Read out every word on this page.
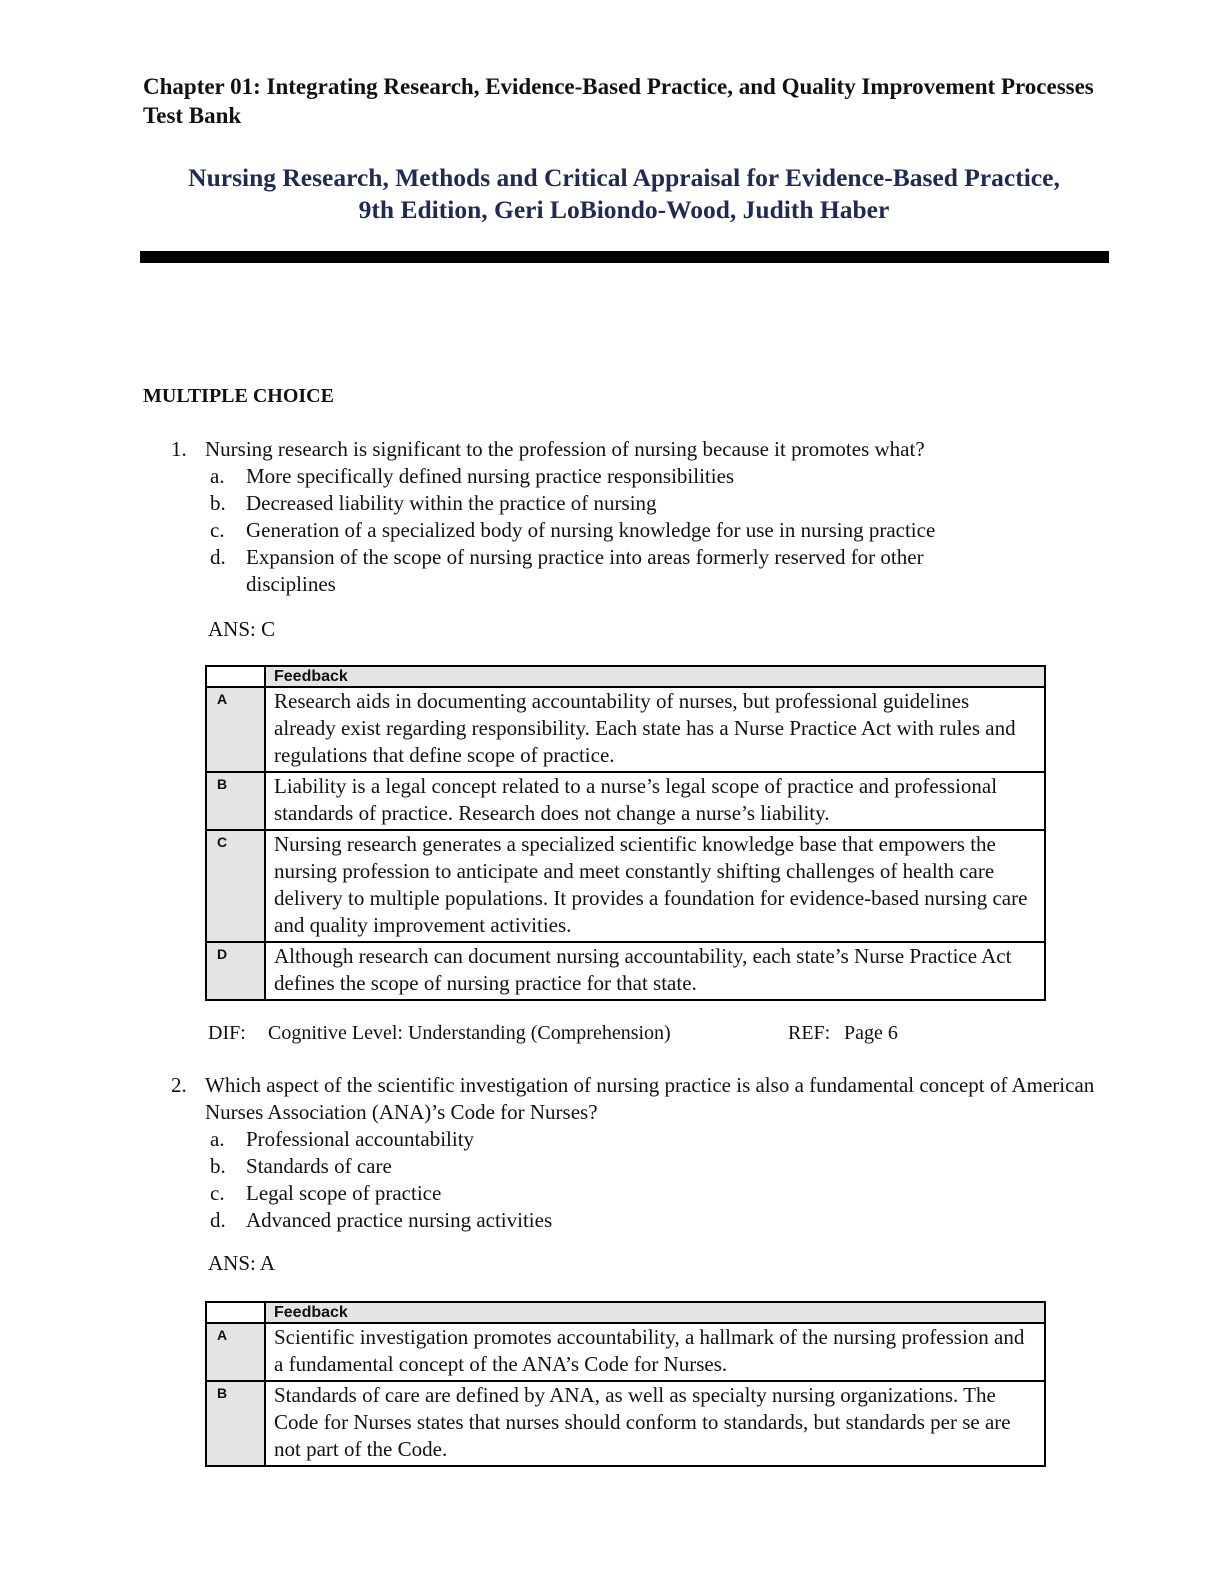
Chapter 01: Integrating Research, Evidence-Based Practice, and Quality Improvement Processes
Test Bank
Nursing Research, Methods and Critical Appraisal for Evidence-Based Practice,
9th Edition, Geri LoBiondo-Wood, Judith Haber
MULTIPLE CHOICE
1. Nursing research is significant to the profession of nursing because it promotes what?
a. More specifically defined nursing practice responsibilities
b. Decreased liability within the practice of nursing
c. Generation of a specialized body of nursing knowledge for use in nursing practice
d. Expansion of the scope of nursing practice into areas formerly reserved for other disciplines
ANS: C
	Feedback
A	Research aids in documenting accountability of nurses, but professional guidelines already exist regarding responsibility. Each state has a Nurse Practice Act with rules and regulations that define scope of practice.
B	Liability is a legal concept related to a nurse’s legal scope of practice and professional standards of practice. Research does not change a nurse’s liability.
C	Nursing research generates a specialized scientific knowledge base that empowers the nursing profession to anticipate and meet constantly shifting challenges of health care delivery to multiple populations. It provides a foundation for evidence-based nursing care and quality improvement activities.
D	Although research can document nursing accountability, each state’s Nurse Practice Act defines the scope of nursing practice for that state.
DIF: Cognitive Level: Understanding (Comprehension)	REF: Page 6
2. Which aspect of the scientific investigation of nursing practice is also a fundamental concept of American Nurses Association (ANA)’s Code for Nurses?
a. Professional accountability
b. Standards of care
c. Legal scope of practice
d. Advanced practice nursing activities
ANS: A
	Feedback
A	Scientific investigation promotes accountability, a hallmark of the nursing profession and a fundamental concept of the ANA’s Code for Nurses.
B	Standards of care are defined by ANA, as well as specialty nursing organizations. The Code for Nurses states that nurses should conform to standards, but standards per se are not part of the Code.
